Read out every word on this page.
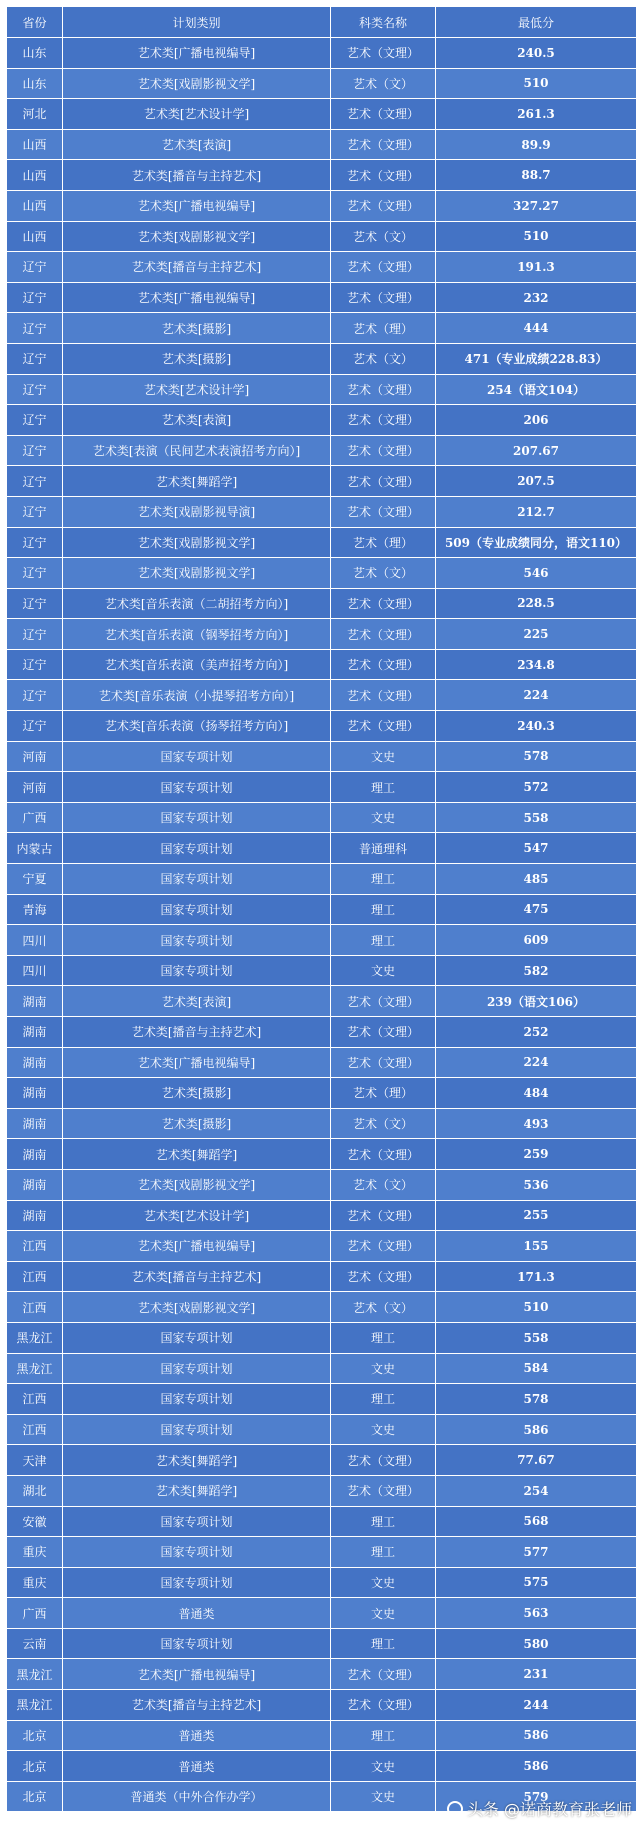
省份	计划类别	科类名称	最低分
山东	艺术类[广播电视编导]	艺术（文理）	240.5
山东	艺术类[戏剧影视文学]	艺术（文）	510
河北	艺术类[艺术设计学]	艺术（文理）	261.3
山西	艺术类[表演]	艺术（文理）	89.9
山西	艺术类[播音与主持艺术]	艺术（文理）	88.7
山西	艺术类[广播电视编导]	艺术（文理）	327.27
山西	艺术类[戏剧影视文学]	艺术（文）	510
辽宁	艺术类[播音与主持艺术]	艺术（文理）	191.3
辽宁	艺术类[广播电视编导]	艺术（文理）	232
辽宁	艺术类[摄影]	艺术（理）	444
辽宁	艺术类[摄影]	艺术（文）	471（专业成绩228.83）
辽宁	艺术类[艺术设计学]	艺术（文理）	254（语文104）
辽宁	艺术类[表演]	艺术（文理）	206
辽宁	艺术类[表演（民间艺术表演招考方向）]	艺术（文理）	207.67
辽宁	艺术类[舞蹈学]	艺术（文理）	207.5
辽宁	艺术类[戏剧影视导演]	艺术（文理）	212.7
辽宁	艺术类[戏剧影视文学]	艺术（理）	509（专业成绩同分，语文110）
辽宁	艺术类[戏剧影视文学]	艺术（文）	546
辽宁	艺术类[音乐表演（二胡招考方向）]	艺术（文理）	228.5
辽宁	艺术类[音乐表演（钢琴招考方向）]	艺术（文理）	225
辽宁	艺术类[音乐表演（美声招考方向）]	艺术（文理）	234.8
辽宁	艺术类[音乐表演（小提琴招考方向）]	艺术（文理）	224
辽宁	艺术类[音乐表演（扬琴招考方向）]	艺术（文理）	240.3
河南	国家专项计划	文史	578
河南	国家专项计划	理工	572
广西	国家专项计划	文史	558
内蒙古	国家专项计划	普通理科	547
宁夏	国家专项计划	理工	485
青海	国家专项计划	理工	475
四川	国家专项计划	理工	609
四川	国家专项计划	文史	582
湖南	艺术类[表演]	艺术（文理）	239（语文106）
湖南	艺术类[播音与主持艺术]	艺术（文理）	252
湖南	艺术类[广播电视编导]	艺术（文理）	224
湖南	艺术类[摄影]	艺术（理）	484
湖南	艺术类[摄影]	艺术（文）	493
湖南	艺术类[舞蹈学]	艺术（文理）	259
湖南	艺术类[戏剧影视文学]	艺术（文）	536
湖南	艺术类[艺术设计学]	艺术（文理）	255
江西	艺术类[广播电视编导]	艺术（文理）	155
江西	艺术类[播音与主持艺术]	艺术（文理）	171.3
江西	艺术类[戏剧影视文学]	艺术（文）	510
黑龙江	国家专项计划	理工	558
黑龙江	国家专项计划	文史	584
江西	国家专项计划	理工	578
江西	国家专项计划	文史	586
天津	艺术类[舞蹈学]	艺术（文理）	77.67
湖北	艺术类[舞蹈学]	艺术（文理）	254
安徽	国家专项计划	理工	568
重庆	国家专项计划	理工	577
重庆	国家专项计划	文史	575
广西	普通类	文史	563
云南	国家专项计划	理工	580
黑龙江	艺术类[广播电视编导]	艺术（文理）	231
黑龙江	艺术类[播音与主持艺术]	艺术（文理）	244
北京	普通类	理工	586
北京	普通类	文史	586
北京	普通类（中外合作办学）	文史	579
头条 @诺商教育张老师
